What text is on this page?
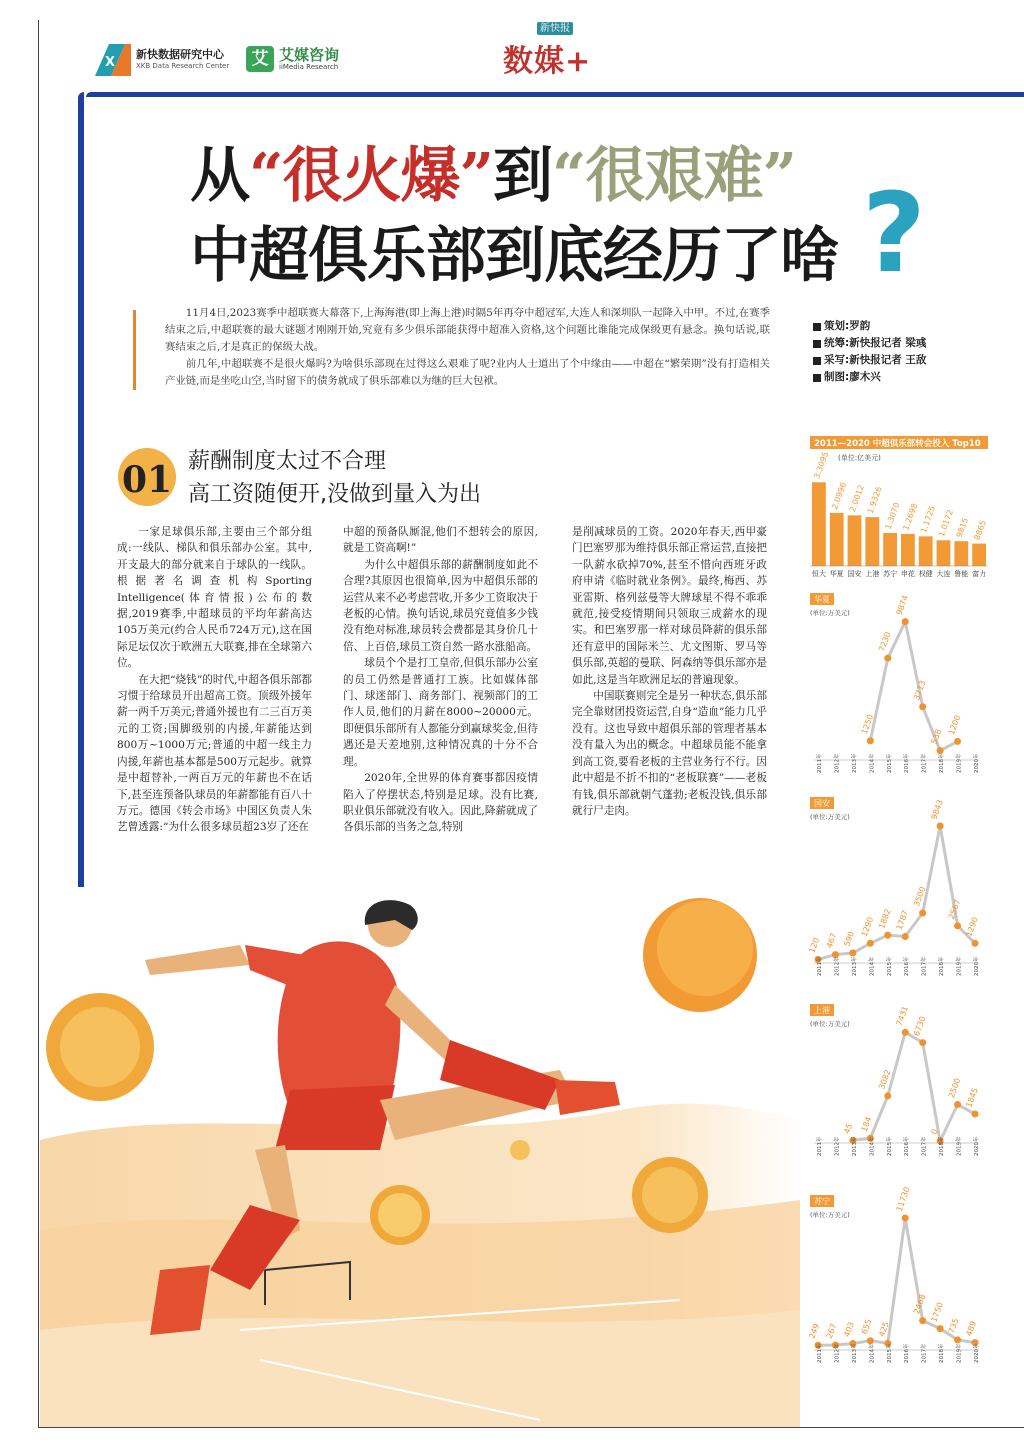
X
新快数据研究中心
XKB Data Research Center	艾 艾媒咨询
iiMedia Research
新快报
数媒+
从“很火爆”到“很艰难”
中超俱乐部到底经历了啥 ?

11月4日,2023赛季中超联赛大幕落下,上海海港(即上海上港)时隔5年再夺中超冠军,大连人和深圳队一起降入中甲。不过,在赛季结束之后,中超联赛的最大谜题才刚刚开始,究竟有多少俱乐部能获得中超准入资格,这个问题比谁能完成保级更有悬念。换句话说,联赛结束之后,才是真正的保级大战。

前几年,中超联赛不是很火爆吗?为啥俱乐部现在过得这么艰难了呢?业内人士道出了个中缘由——中超在“繁荣期”没有打造相关产业链,而是坐吃山空,当时留下的债务就成了俱乐部难以为继的巨大包袱。

策划:罗韵
统筹:新快报记者 梁彧
采写:新快报记者 王敌
制图:廖木兴
01 薪酬制度太过不合理
高工资随便开,没做到量入为出

一家足球俱乐部,主要由三个部分组成:一线队、梯队和俱乐部办公室。其中,开支最大的部分就来自于球队的一线队。根据著名调查机构Sporting Intelligence(体育情报)公布的数据,2019赛季,中超球员的平均年薪高达105万美元(约合人民币724万元),这在国际足坛仅次于欧洲五大联赛,排在全球第六位。

在大把“烧钱”的时代,中超各俱乐部都习惯于给球员开出超高工资。顶级外援年薪一两千万美元;普通外援也有二三百万美元的工资;国脚级别的内援,年薪能达到800万~1000万元;普通的中超一线主力内援,年薪也基本都是500万元起步。就算是中超替补,一两百万元的年薪也不在话下,甚至连预备队球员的年薪都能有百八十万元。德国《转会市场》中国区负责人朱艺曾透露:“为什么很多球员超23岁了还在

中超的预备队厮混,他们不想转会的原因,就是工资高啊!”

为什么中超俱乐部的薪酬制度如此不合理?其原因也很简单,因为中超俱乐部的运营从来不必考虑营收,开多少工资取决于老板的心情。换句话说,球员究竟值多少钱没有绝对标准,球员转会费都是其身价几十倍、上百倍,球员工资自然一路水涨船高。

球员个个是打工皇帝,但俱乐部办公室的员工仍然是普通打工族。比如媒体部门、球迷部门、商务部门、视频部门的工作人员,他们的月薪在8000~20000元。即便俱乐部所有人都能分到赢球奖金,但待遇还是天差地别,这种情况真的十分不合理。

2020年,全世界的体育赛事都因疫情陷入了停摆状态,特别是足球。没有比赛,职业俱乐部就没有收入。因此,降薪就成了各俱乐部的当务之急,特别

是削减球员的工资。2020年春天,西甲豪门巴塞罗那为维持俱乐部正常运营,直接把一队薪水砍掉70%,甚至不惜向西班牙政府申请《临时就业条例》。最终,梅西、苏亚雷斯、格列兹曼等大牌球星不得不乖乖就范,接受疫情期间只领取三成薪水的现实。和巴塞罗那一样对球员降薪的俱乐部还有意甲的国际米兰、尤文图斯、罗马等俱乐部,英超的曼联、阿森纳等俱乐部亦是如此,这是当年欧洲足坛的普遍现象。

中国联赛则完全是另一种状态,俱乐部完全靠财团投资运营,自身“造血”能力几乎没有。这也导致中超俱乐部的管理者基本没有量入为出的概念。中超球员能不能拿到高工资,要看老板的主营业务行不行。因此中超是不折不扣的“老板联赛”——老板有钱,俱乐部就朝气蓬勃;老板没钱,俱乐部就行尸走肉。

2011—2020 中超俱乐部转会投入 Top10
(单位:亿美元)
3.3095
恒大
2.0996
华夏
2.0012
国安
1.9326
上港
1.3070
苏宁
1.2698
申花
1.1725
权健
1.0172
大连
9815
鲁能
8865
富力
华夏
(单位:万美元)
1250
7230
9874
3713
538
1200
2011年	2012年	2013年	2014年	2015年	2016年	2017年	2018年	2019年	2020年
国安
(单位:万美元)
120 467 590
1290 1882 1787
3500
9843
2567
1290
2011年	2012年	2013年	2014年	2015年	2016年	2017年	2018年	2019年	2020年
上港
(单位:万美元)
45 184
3082
7431 6730
0
2500 1845
2011年	2012年	2013年	2014年	2015年	2016年	2017年	2018年	2019年	2020年
苏宁
(单位:万美元)
249 267 403 655 425
11730
2468 1750
735 489
2011年	2012年	2013年	2014年	2015年	2016年	2017年	2018年	2019年	2020年
